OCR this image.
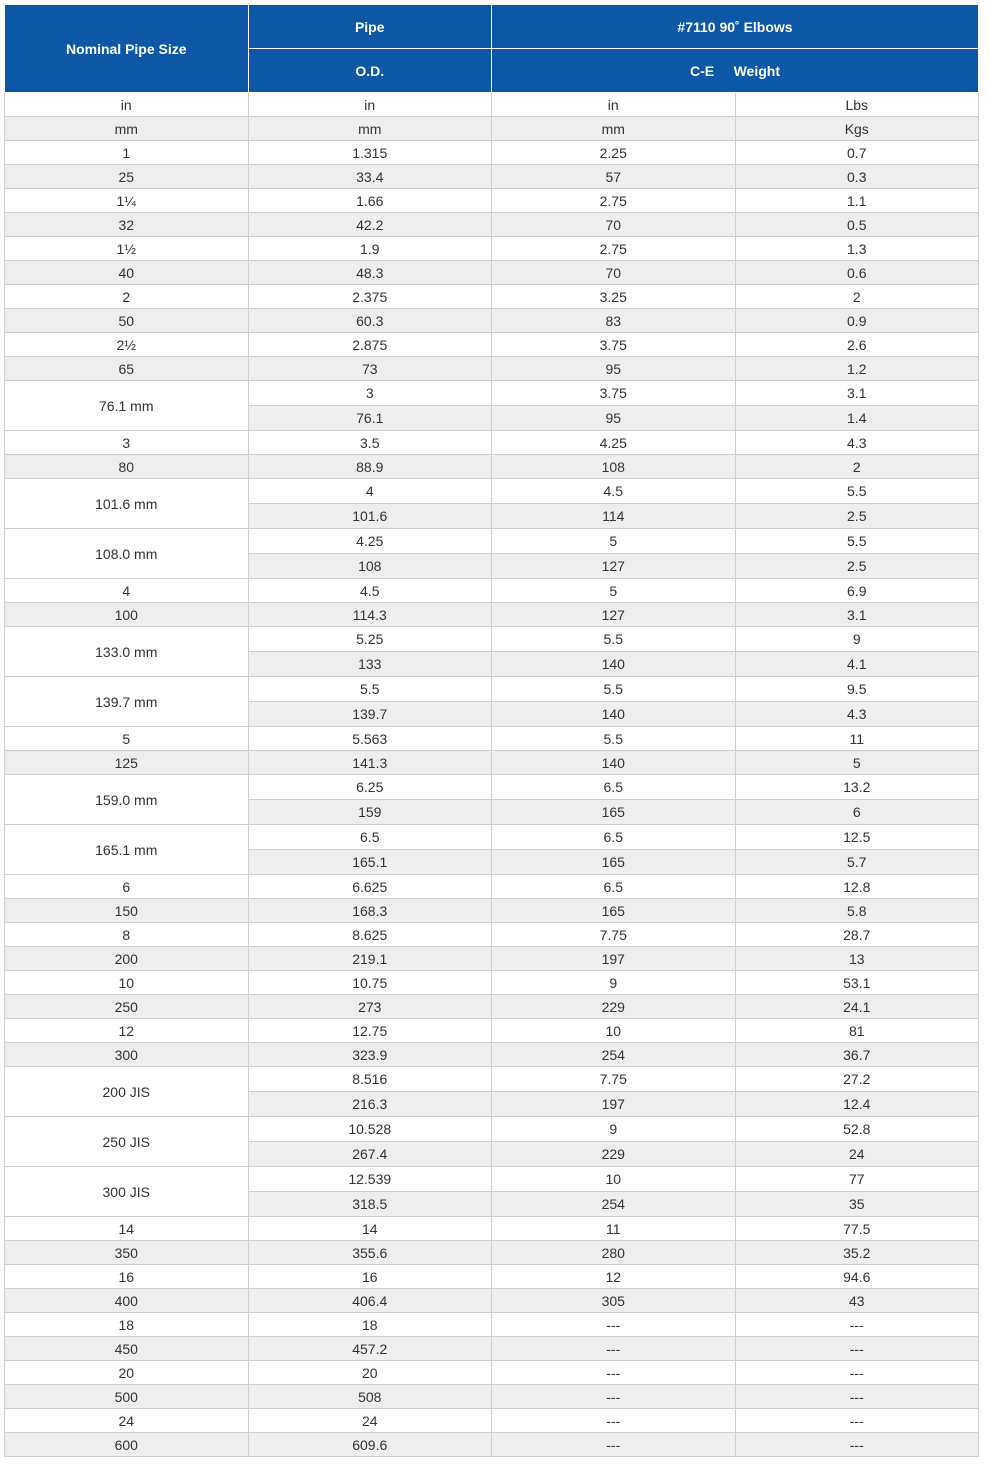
Nominal Pipe Size	Pipe	#7110 90˚ Elbows	
	O.D.	C-E Weight	
in	in	in	Lbs
mm	mm	mm	Kgs
1	1.315	2.25	0.7
25	33.4	57	0.3
1¼	1.66	2.75	1.1
32	42.2	70	0.5
1½	1.9	2.75	1.3
40	48.3	70	0.6
2	2.375	3.25	2
50	60.3	83	0.9
2½	2.875	3.75	2.6
65	73	95	1.2
76.1 mm	3	3.75	3.1
	76.1	95	1.4
3	3.5	4.25	4.3
80	88.9	108	2
101.6 mm	4	4.5	5.5
	101.6	114	2.5
108.0 mm	4.25	5	5.5
	108	127	2.5
4	4.5	5	6.9
100	114.3	127	3.1
133.0 mm	5.25	5.5	9
	133	140	4.1
139.7 mm	5.5	5.5	9.5
	139.7	140	4.3
5	5.563	5.5	11
125	141.3	140	5
159.0 mm	6.25	6.5	13.2
	159	165	6
165.1 mm	6.5	6.5	12.5
	165.1	165	5.7
6	6.625	6.5	12.8
150	168.3	165	5.8
8	8.625	7.75	28.7
200	219.1	197	13
10	10.75	9	53.1
250	273	229	24.1
12	12.75	10	81
300	323.9	254	36.7
200 JIS	8.516	7.75	27.2
	216.3	197	12.4
250 JIS	10.528	9	52.8
	267.4	229	24
300 JIS	12.539	10	77
	318.5	254	35
14	14	11	77.5
350	355.6	280	35.2
16	16	12	94.6
400	406.4	305	43
18	18	---	---
450	457.2	---	---
20	20	---	---
500	508	---	---
24	24	---	---
600	609.6	---	---
